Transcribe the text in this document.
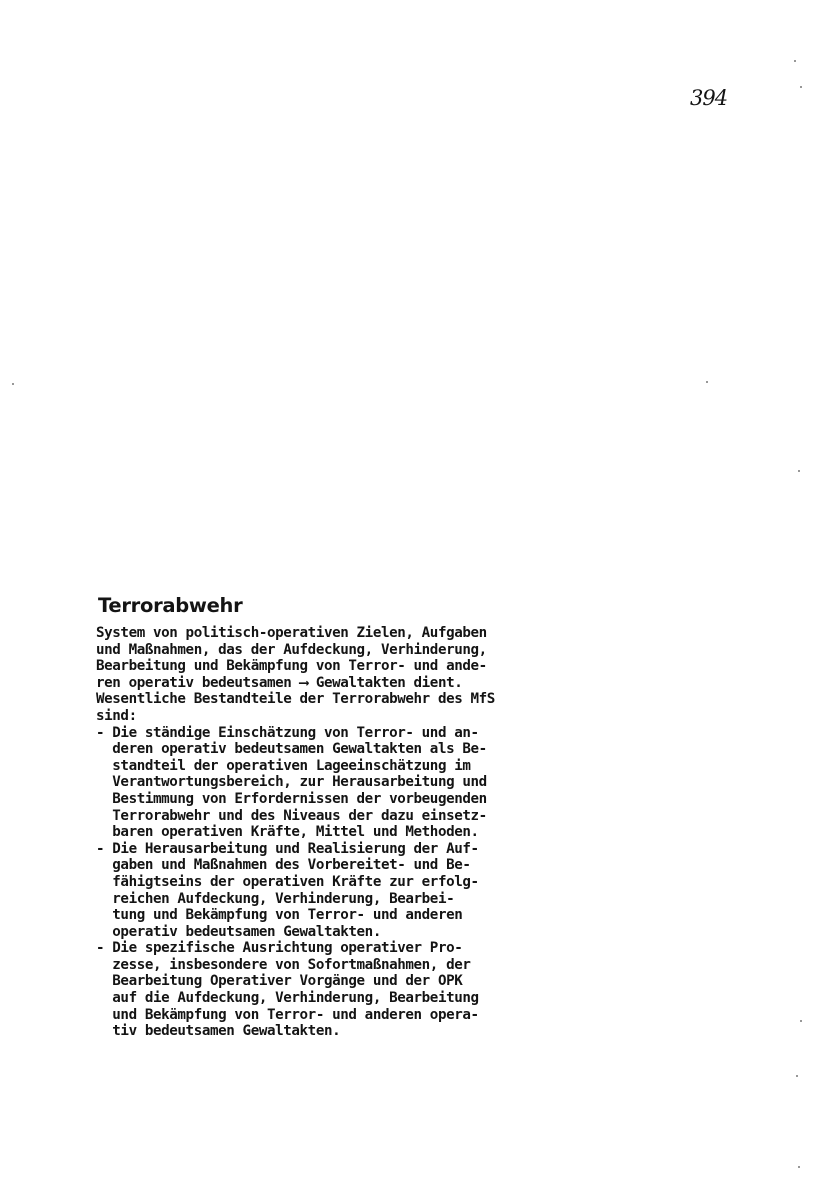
394
Terrorabwehr
System von politisch-operativen Zielen, Aufgaben
und Maßnahmen, das der Aufdeckung, Verhinderung,
Bearbeitung und Bekämpfung von Terror- und ande-
ren operativ bedeutsamen ⟶ Gewaltakten dient.
Wesentliche Bestandteile der Terrorabwehr des MfS
sind:
- Die ständige Einschätzung von Terror- und an-
deren operativ bedeutsamen Gewaltakten als Be-
standteil der operativen Lageeinschätzung im
Verantwortungsbereich, zur Herausarbeitung und
Bestimmung von Erfordernissen der vorbeugenden
Terrorabwehr und des Niveaus der dazu einsetz-
baren operativen Kräfte, Mittel und Methoden.
- Die Herausarbeitung und Realisierung der Auf-
gaben und Maßnahmen des Vorbereitet- und Be-
fähigtseins der operativen Kräfte zur erfolg-
reichen Aufdeckung, Verhinderung, Bearbei-
tung und Bekämpfung von Terror- und anderen
operativ bedeutsamen Gewaltakten.
- Die spezifische Ausrichtung operativer Pro-
zesse, insbesondere von Sofortmaßnahmen, der
Bearbeitung Operativer Vorgänge und der OPK
auf die Aufdeckung, Verhinderung, Bearbeitung
und Bekämpfung von Terror- und anderen opera-
tiv bedeutsamen Gewaltakten.
